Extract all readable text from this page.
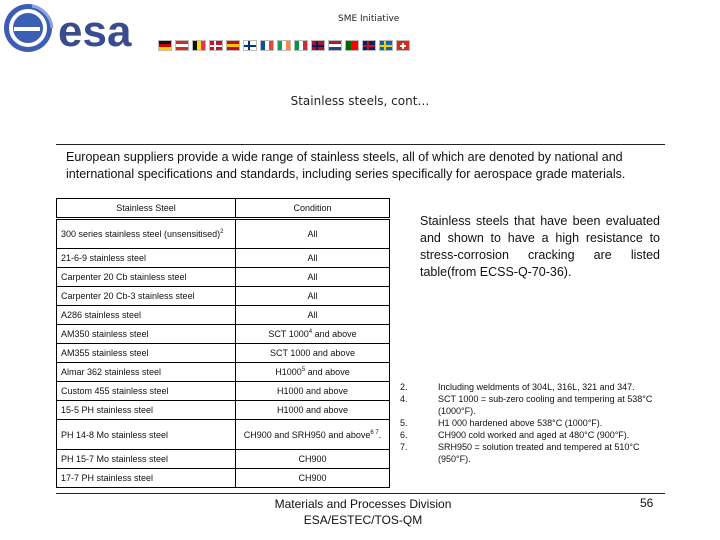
esa	SME Initiative
Stainless steels, cont…
European suppliers provide a wide range of stainless steels, all of which are denoted by national and international specifications and standards, including series specifically for aerospace grade materials.
Stainless Steel	Condition
300 series stainless steel (unsensitised)$^2$	All
21-6-9 stainless steel	All
Carpenter 20 Cb stainless steel	All
Carpenter 20 Cb-3 stainless steel	All
A286 stainless steel	All
AM350 stainless steel	SCT 1000$^4$ and above
AM355 stainless steel	SCT 1000 and above
Almar 362 stainless steel	H1000$^5$ and above
Custom 455 stainless steel	H1000 and above
15-5 PH stainless steel	H1000 and above
PH 14-8 Mo stainless steel	CH900 and SRH950 and above$^{6 7}$.
PH 15-7 Mo stainless steel	CH900
17-7 PH stainless steel	CH900
Stainless steels that have been evaluated and shown to have a high resistance to stress-corrosion cracking are listed table(from ECSS-Q-70-36).
2.	Including weldments of 304L, 316L, 321 and 347.
4.	SCT 1000 = sub-zero cooling and tempering at 538°C (1000°F).
5.	H1 000 hardened above 538°C (1000°F).
6.	CH900 cold worked and aged at 480°C (900°F).
7.	SRH950 = solution treated and tempered at 510°C (950°F).
Materials and Processes Division
ESA/ESTEC/TOS-QM
56
